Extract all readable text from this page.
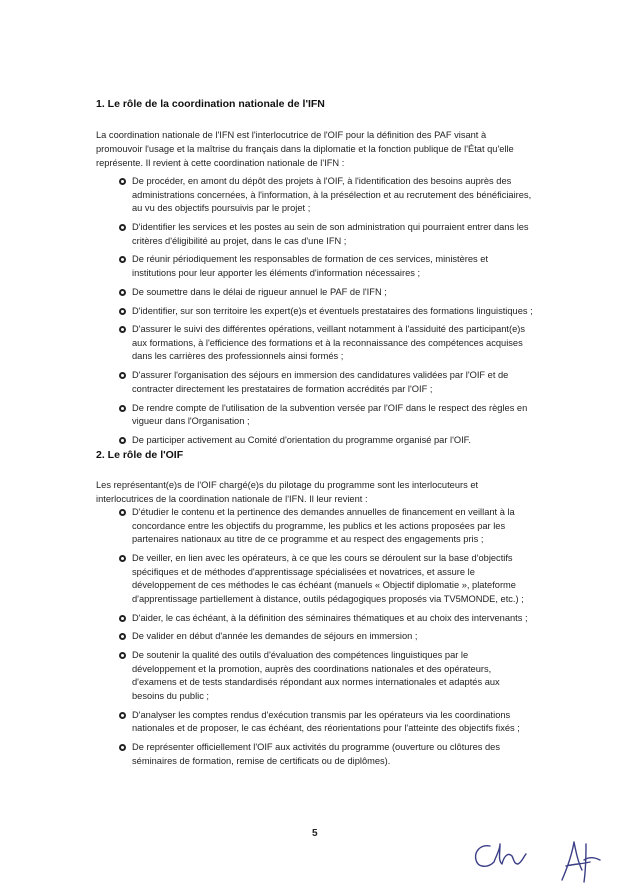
1. Le rôle de la coordination nationale de l'IFN

La coordination nationale de l'IFN est l'interlocutrice de l'OIF pour la définition des PAF visant à promouvoir l'usage et la maîtrise du français dans la diplomatie et la fonction publique de l'État qu'elle représente. Il revient à cette coordination nationale de l'IFN :

De procéder, en amont du dépôt des projets à l'OIF, à l'identification des besoins auprès des administrations concernées, à l'information, à la présélection et au recrutement des bénéficiaires, au vu des objectifs poursuivis par le projet ;
D'identifier les services et les postes au sein de son administration qui pourraient entrer dans les critères d'éligibilité au projet, dans le cas d'une IFN ;
De réunir périodiquement les responsables de formation de ces services, ministères et institutions pour leur apporter les éléments d'information nécessaires ;
De soumettre dans le délai de rigueur annuel le PAF de l'IFN ;
D'identifier, sur son territoire les expert(e)s et éventuels prestataires des formations linguistiques ;
D'assurer le suivi des différentes opérations, veillant notamment à l'assiduité des participant(e)s aux formations, à l'efficience des formations et à la reconnaissance des compétences acquises dans les carrières des professionnels ainsi formés ;
D'assurer l'organisation des séjours en immersion des candidatures validées par l'OIF et de contracter directement les prestataires de formation accrédités par l'OIF ;
De rendre compte de l'utilisation de la subvention versée par l'OIF dans le respect des règles en vigueur dans l'Organisation ;
De participer activement au Comité d'orientation du programme organisé par l'OIF.
2. Le rôle de l'OIF

Les représentant(e)s de l'OIF chargé(e)s du pilotage du programme sont les interlocuteurs et interlocutrices de la coordination nationale de l'IFN. Il leur revient :

D'étudier le contenu et la pertinence des demandes annuelles de financement en veillant à la concordance entre les objectifs du programme, les publics et les actions proposées par les partenaires nationaux au titre de ce programme et au respect des engagements pris ;
De veiller, en lien avec les opérateurs, à ce que les cours se déroulent sur la base d'objectifs spécifiques et de méthodes d'apprentissage spécialisées et novatrices, et assure le développement de ces méthodes le cas échéant (manuels « Objectif diplomatie », plateforme d'apprentissage partiellement à distance, outils pédagogiques proposés via TV5MONDE, etc.) ;
D'aider, le cas échéant, à la définition des séminaires thématiques et au choix des intervenants ;
De valider en début d'année les demandes de séjours en immersion ;
De soutenir la qualité des outils d'évaluation des compétences linguistiques par le développement et la promotion, auprès des coordinations nationales et des opérateurs, d'examens et de tests standardisés répondant aux normes internationales et adaptés aux besoins du public ;
D'analyser les comptes rendus d'exécution transmis par les opérateurs via les coordinations nationales et de proposer, le cas échéant, des réorientations pour l'atteinte des objectifs fixés ;
De représenter officiellement l'OIF aux activités du programme (ouverture ou clôtures des séminaires de formation, remise de certificats ou de diplômes).
5
